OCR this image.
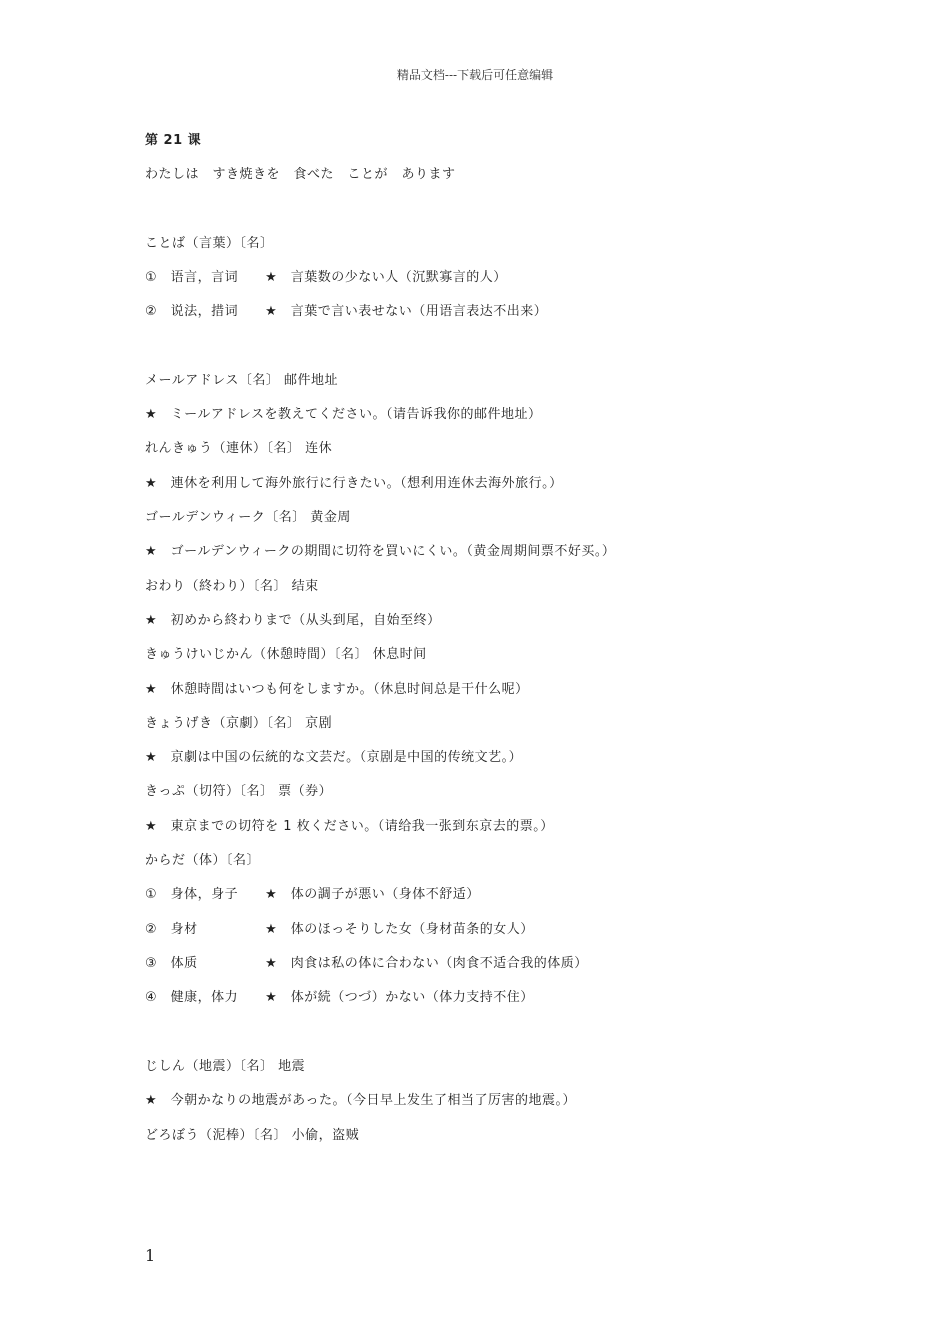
精品文档---下载后可任意编辑
第 21 课
わたしは　すき焼きを　食べた　ことが　あります
ことば（言葉）〔名〕
①　语言，言词　　★　言葉数の少ない人（沉默寡言的人）
②　说法，措词　　★　言葉で言い表せない（用语言表达不出来）
メールアドレス〔名〕 邮件地址
★　ミールアドレスを教えてください。（请告诉我你的邮件地址）
れんきゅう（連休）〔名〕 连休
★　連休を利用して海外旅行に行きたい。（想利用连休去海外旅行。）
ゴールデンウィーク〔名〕 黄金周
★　ゴールデンウィークの期間に切符を買いにくい。（黄金周期间票不好买。）
おわり（終わり）〔名〕 结束
★　初めから終わりまで（从头到尾，自始至终）
きゅうけいじかん（休憩時間）〔名〕 休息时间
★　休憩時間はいつも何をしますか。（休息时间总是干什么呢）
きょうげき（京劇）〔名〕 京剧
★　京劇は中国の伝統的な文芸だ。（京剧是中国的传统文艺。）
きっぷ（切符）〔名〕 票（券）
★　東京までの切符を 1 枚ください。（请给我一张到东京去的票。）
からだ（体）〔名〕
①　身体，身子　　★　体の調子が悪い（身体不舒适）
②　身材　　　　　★　体のほっそりした女（身材苗条的女人）
③　体质　　　　　★　肉食は私の体に合わない（肉食不适合我的体质）
④　健康，体力　　★　体が続（つづ）かない（体力支持不住）
じしん（地震）〔名〕 地震
★　今朝かなりの地震があった。（今日早上发生了相当了厉害的地震。）
どろぼう（泥棒）〔名〕 小偷，盗贼
1
